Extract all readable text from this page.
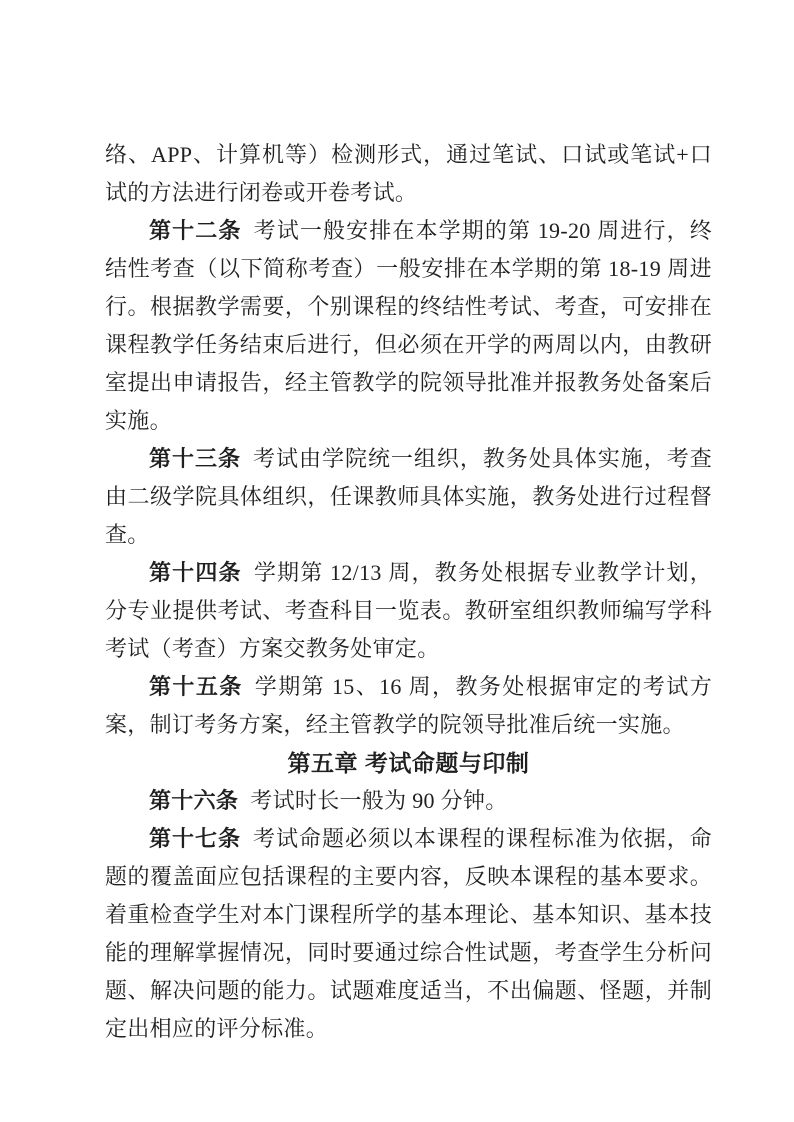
络、APP、计算机等）检测形式，通过笔试、口试或笔试+口试的方法进行闭卷或开卷考试。

第十二条 考试一般安排在本学期的第 19-20 周进行，终结性考查（以下简称考查）一般安排在本学期的第 18-19 周进行。根据教学需要，个别课程的终结性考试、考查，可安排在课程教学任务结束后进行，但必须在开学的两周以内，由教研室提出申请报告，经主管教学的院领导批准并报教务处备案后实施。

第十三条 考试由学院统一组织，教务处具体实施，考查由二级学院具体组织，任课教师具体实施，教务处进行过程督查。

第十四条 学期第 12/13 周，教务处根据专业教学计划，分专业提供考试、考查科目一览表。教研室组织教师编写学科考试（考查）方案交教务处审定。

第十五条 学期第 15、16 周，教务处根据审定的考试方案，制订考务方案，经主管教学的院领导批准后统一实施。

第五章 考试命题与印制

第十六条 考试时长一般为 90 分钟。

第十七条 考试命题必须以本课程的课程标准为依据，命题的覆盖面应包括课程的主要内容，反映本课程的基本要求。着重检查学生对本门课程所学的基本理论、基本知识、基本技能的理解掌握情况，同时要通过综合性试题，考查学生分析问题、解决问题的能力。试题难度适当，不出偏题、怪题，并制定出相应的评分标准。
